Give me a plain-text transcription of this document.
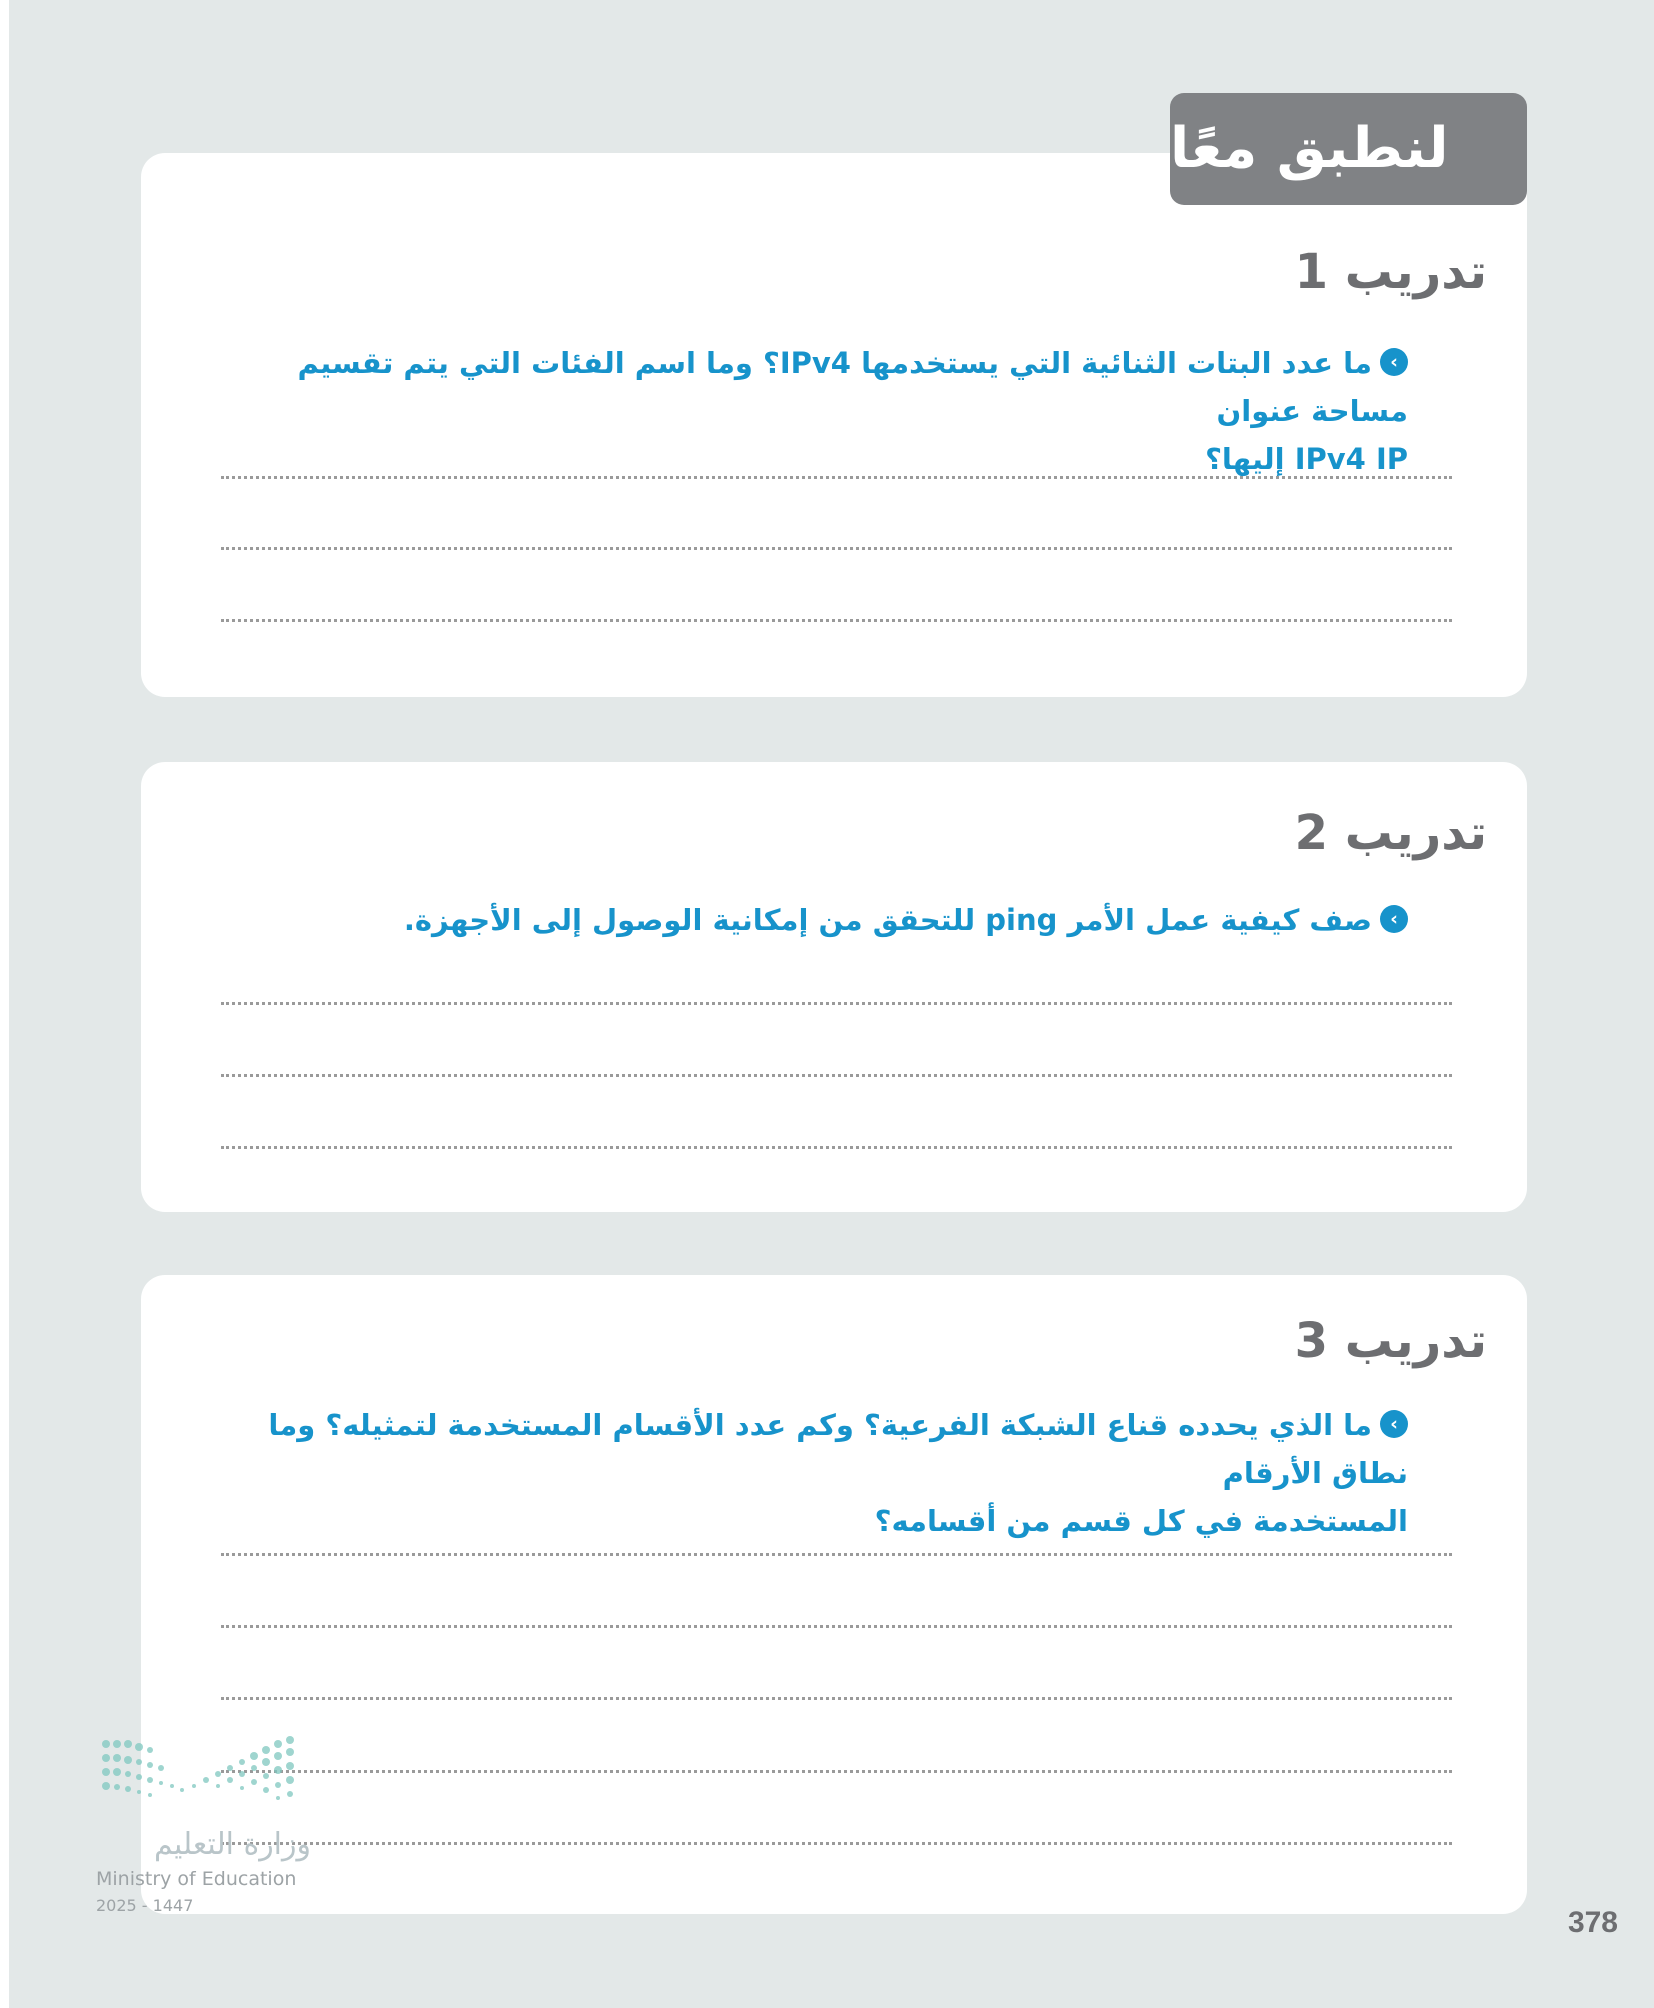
تدريب 1
›ما عدد البتات الثنائية التي يستخدمها IPv4؟ وما اسم الفئات التي يتم تقسيم مساحة عنوان
IPv4 IP إليها؟
تدريب 2
›صف كيفية عمل الأمر ping للتحقق من إمكانية الوصول إلى الأجهزة.
تدريب 3
›ما الذي يحدده قناع الشبكة الفرعية؟ وكم عدد الأقسام المستخدمة لتمثيله؟ وما نطاق الأرقام
المستخدمة في كل قسم من أقسامه؟
لنطبق معًا
وزارة التعليم
Ministry of Education
2025 - 1447
378
